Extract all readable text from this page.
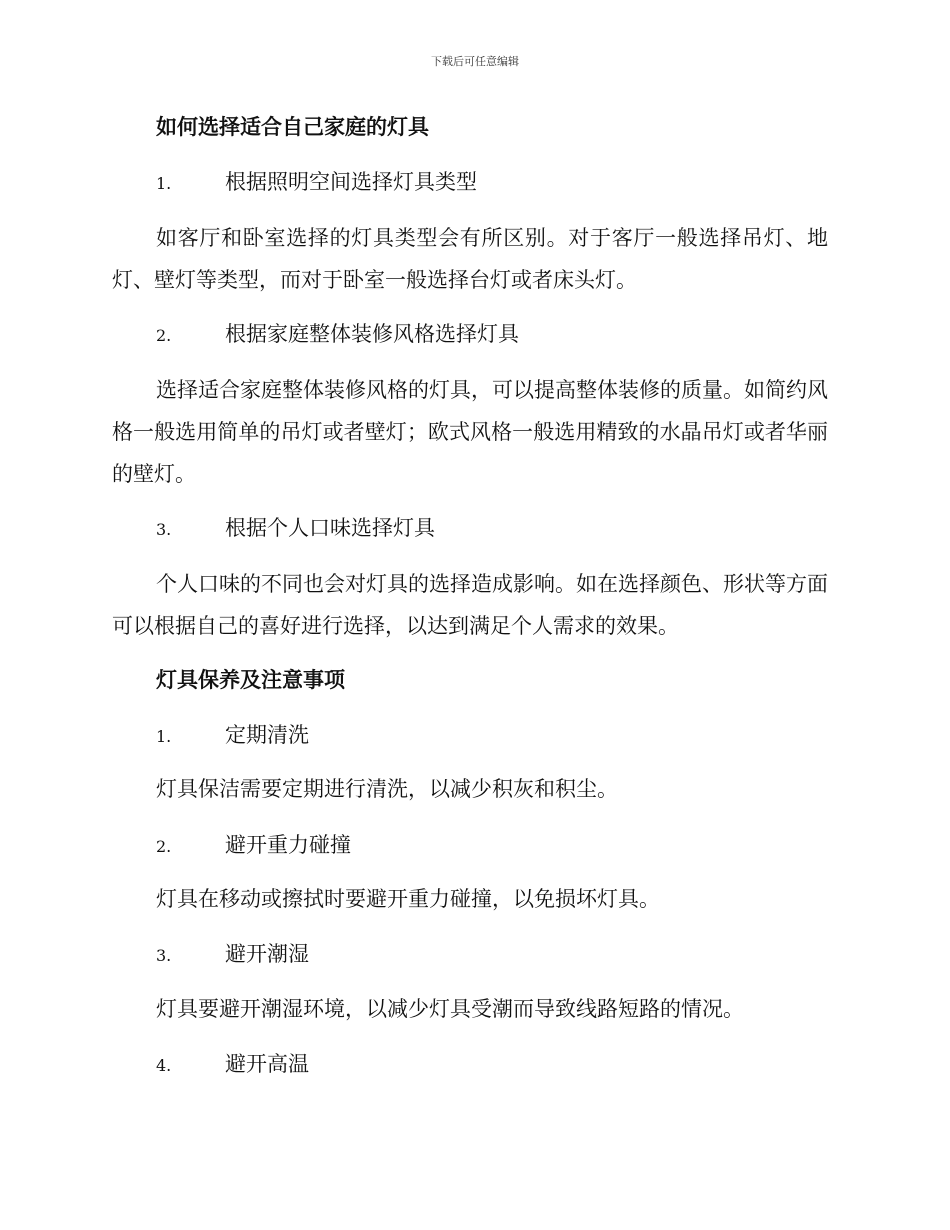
下载后可任意编辑
如何选择适合自己家庭的灯具
1.	根据照明空间选择灯具类型
如客厅和卧室选择的灯具类型会有所区别。对于客厅一般选择吊灯、地灯、壁灯等类型，而对于卧室一般选择台灯或者床头灯。
2.	根据家庭整体装修风格选择灯具
选择适合家庭整体装修风格的灯具，可以提高整体装修的质量。如简约风格一般选用简单的吊灯或者壁灯；欧式风格一般选用精致的水晶吊灯或者华丽的壁灯。
3.	根据个人口味选择灯具
个人口味的不同也会对灯具的选择造成影响。如在选择颜色、形状等方面可以根据自己的喜好进行选择，以达到满足个人需求的效果。
灯具保养及注意事项
1.	定期清洗
灯具保洁需要定期进行清洗，以减少积灰和积尘。
2.	避开重力碰撞
灯具在移动或擦拭时要避开重力碰撞，以免损坏灯具。
3.	避开潮湿
灯具要避开潮湿环境，以减少灯具受潮而导致线路短路的情况。
4.	避开高温
